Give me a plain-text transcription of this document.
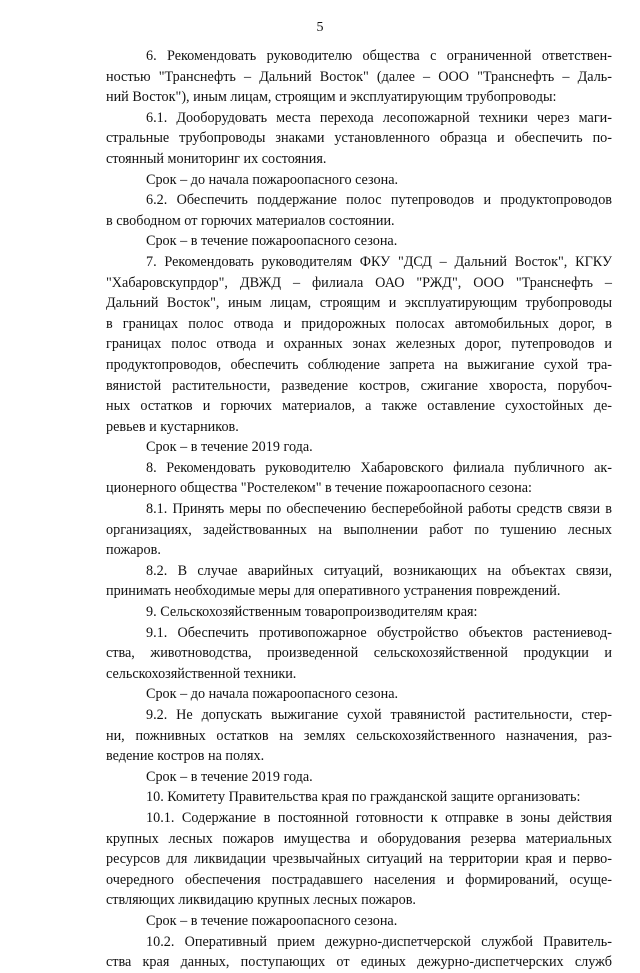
5

6. Рекомендовать руководителю общества с ограниченной ответствен-
ностью "Транснефть – Дальний Восток" (далее – ООО "Транснефть – Даль-
ний Восток"), иным лицам, строящим и эксплуатирующим трубопроводы:

6.1. Дооборудовать места перехода лесопожарной техники через маги-
стральные трубопроводы знаками установленного образца и обеспечить по-
стоянный мониторинг их состояния.

Срок – до начала пожароопасного сезона.

6.2. Обеспечить поддержание полос путепроводов и продуктопроводов
в свободном от горючих материалов состоянии.

Срок – в течение пожароопасного сезона.

7. Рекомендовать руководителям ФКУ "ДСД – Дальний Восток", КГКУ
"Хабаровскупрдор", ДВЖД – филиала ОАО "РЖД", ООО "Транснефть –
Дальний Восток", иным лицам, строящим и эксплуатирующим трубопроводы
в границах полос отвода и придорожных полосах автомобильных дорог, в
границах полос отвода и охранных зонах железных дорог, путепроводов и
продуктопроводов, обеспечить соблюдение запрета на выжигание сухой тра-
вянистой растительности, разведение костров, сжигание хвороста, порубоч-
ных остатков и горючих материалов, а также оставление сухостойных де-
ревьев и кустарников.

Срок – в течение 2019 года.

8. Рекомендовать руководителю Хабаровского филиала публичного ак-
ционерного общества "Ростелеком" в течение пожароопасного сезона:

8.1. Принять меры по обеспечению бесперебойной работы средств связи в
организациях, задействованных на выполнении работ по тушению лесных
пожаров.

8.2. В случае аварийных ситуаций, возникающих на объектах связи,
принимать необходимые меры для оперативного устранения повреждений.

9. Сельскохозяйственным товаропроизводителям края:

9.1. Обеспечить противопожарное обустройство объектов растениевод-
ства, животноводства, произведенной сельскохозяйственной продукции и
сельскохозяйственной техники.

Срок – до начала пожароопасного сезона.

9.2. Не допускать выжигание сухой травянистой растительности, стер-
ни, пожнивных остатков на землях сельскохозяйственного назначения, раз-
ведение костров на полях.

Срок – в течение 2019 года.

10. Комитету Правительства края по гражданской защите организовать:

10.1. Содержание в постоянной готовности к отправке в зоны действия
крупных лесных пожаров имущества и оборудования резерва материальных
ресурсов для ликвидации чрезвычайных ситуаций на территории края и перво-
очередного обеспечения пострадавшего населения и формирований, осуще-
ствляющих ликвидацию крупных лесных пожаров.

Срок – в течение пожароопасного сезона.

10.2. Оперативный прием дежурно-диспетчерской службой Правитель-
ства края данных, поступающих от единых дежурно-диспетчерских служб
